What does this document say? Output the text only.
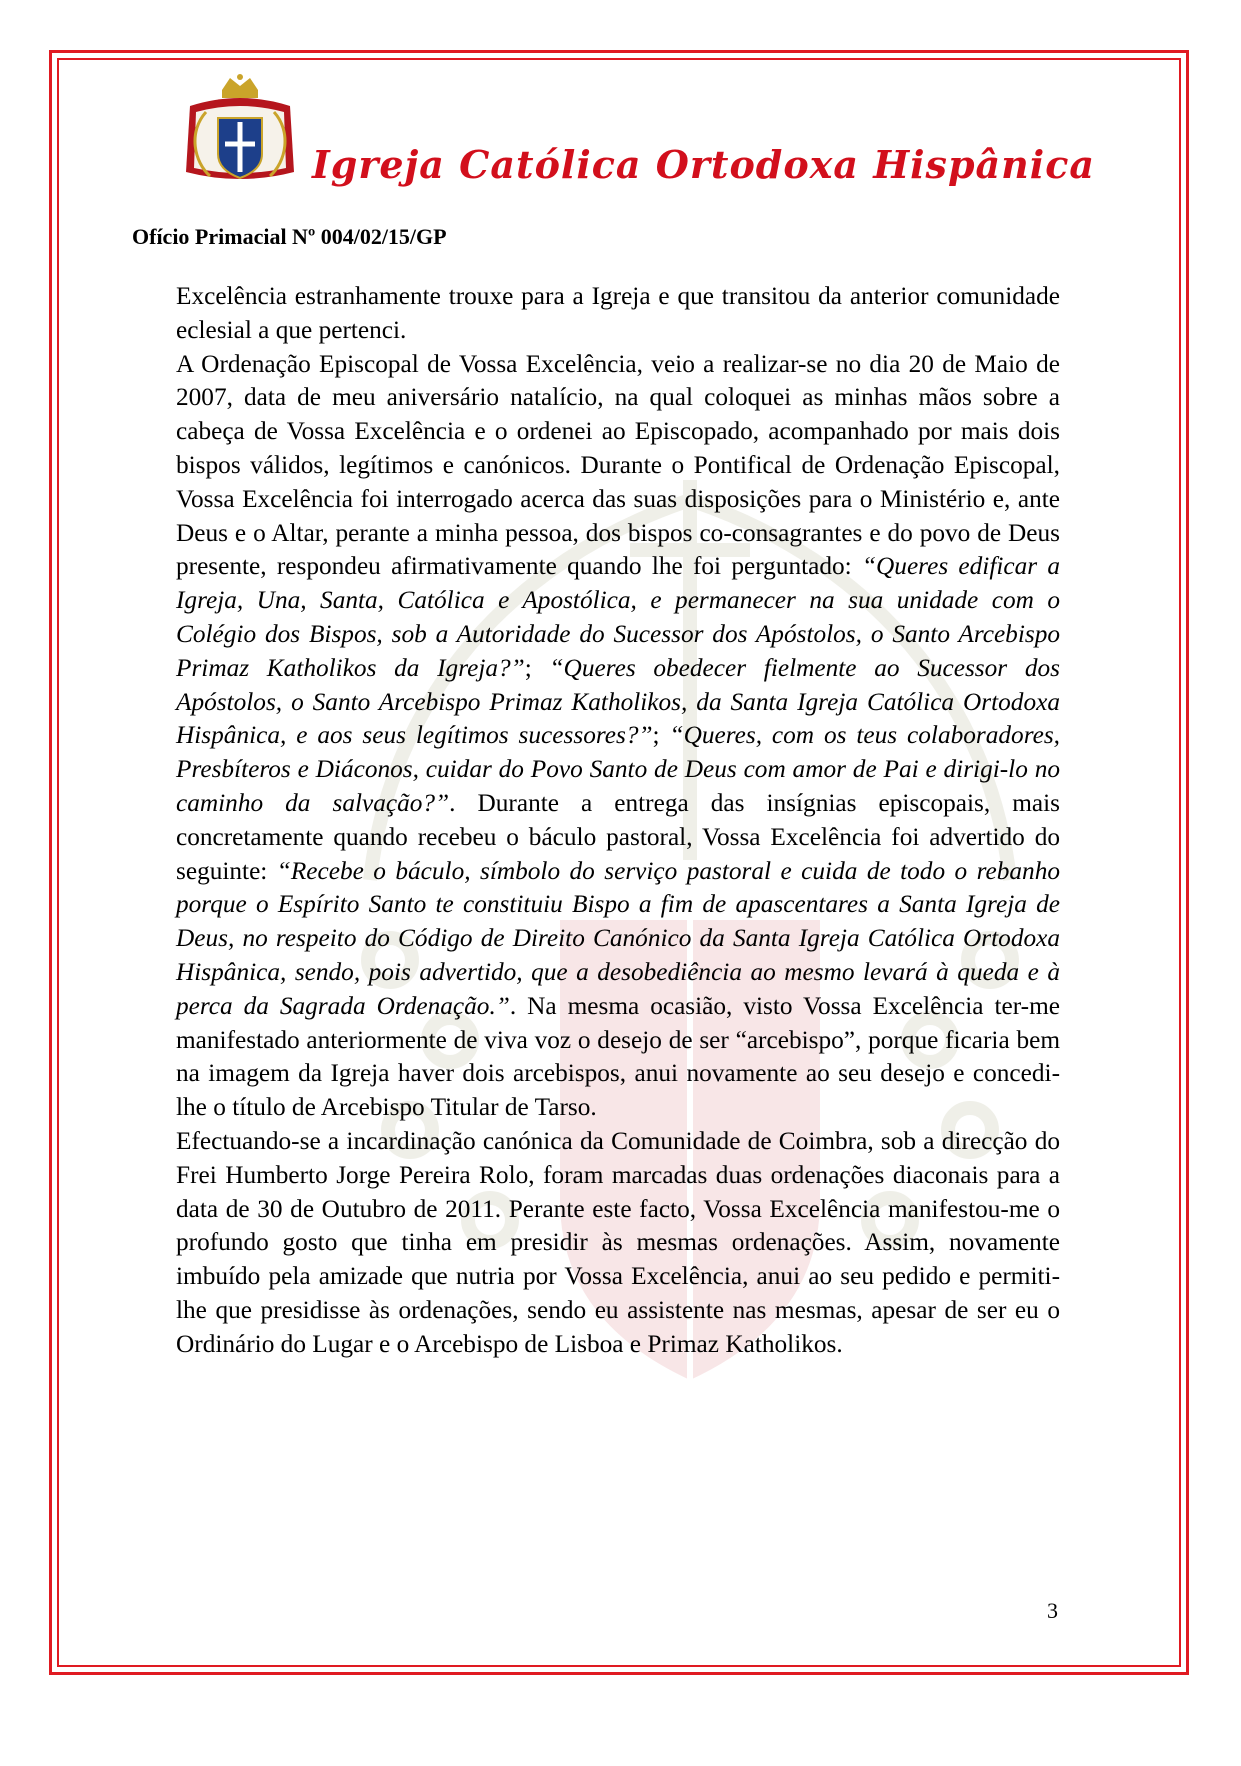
Igreja Católica Ortodoxa Hispânica
Ofício Primacial Nº 004/02/15/GP

Excelência estranhamente trouxe para a Igreja e que transitou da anterior comunidade eclesial a que pertenci.

A Ordenação Episcopal de Vossa Excelência, veio a realizar-se no dia 20 de Maio de 2007, data de meu aniversário natalício, na qual coloquei as minhas mãos sobre a cabeça de Vossa Excelência e o ordenei ao Episcopado, acompanhado por mais dois bispos válidos, legítimos e canónicos. Durante o Pontifical de Ordenação Episcopal, Vossa Excelência foi interrogado acerca das suas disposições para o Ministério e, ante Deus e o Altar, perante a minha pessoa, dos bispos co-consagrantes e do povo de Deus presente, respondeu afirmativamente quando lhe foi perguntado: “Queres edificar a Igreja, Una, Santa, Católica e Apostólica, e permanecer na sua unidade com o Colégio dos Bispos, sob a Autoridade do Sucessor dos Apóstolos, o Santo Arcebispo Primaz Katholikos da Igreja?”; “Queres obedecer fielmente ao Sucessor dos Apóstolos, o Santo Arcebispo Primaz Katholikos, da Santa Igreja Católica Ortodoxa Hispânica, e aos seus legítimos sucessores?”; “Queres, com os teus colaboradores, Presbíteros e Diáconos, cuidar do Povo Santo de Deus com amor de Pai e dirigi-lo no caminho da salvação?”. Durante a entrega das insígnias episcopais, mais concretamente quando recebeu o báculo pastoral, Vossa Excelência foi advertido do seguinte: “Recebe o báculo, símbolo do serviço pastoral e cuida de todo o rebanho porque o Espírito Santo te constituiu Bispo a fim de apascentares a Santa Igreja de Deus, no respeito do Código de Direito Canónico da Santa Igreja Católica Ortodoxa Hispânica, sendo, pois advertido, que a desobediência ao mesmo levará à queda e à perca da Sagrada Ordenação.”. Na mesma ocasião, visto Vossa Excelência ter-me manifestado anteriormente de viva voz o desejo de ser “arcebispo”, porque ficaria bem na imagem da Igreja haver dois arcebispos, anui novamente ao seu desejo e concedi-lhe o título de Arcebispo Titular de Tarso.

Efectuando-se a incardinação canónica da Comunidade de Coimbra, sob a direcção do Frei Humberto Jorge Pereira Rolo, foram marcadas duas ordenações diaconais para a data de 30 de Outubro de 2011. Perante este facto, Vossa Excelência manifestou-me o profundo gosto que tinha em presidir às mesmas ordenações. Assim, novamente imbuído pela amizade que nutria por Vossa Excelência, anui ao seu pedido e permiti-lhe que presidisse às ordenações, sendo eu assistente nas mesmas, apesar de ser eu o Ordinário do Lugar e o Arcebispo de Lisboa e Primaz Katholikos.

3
